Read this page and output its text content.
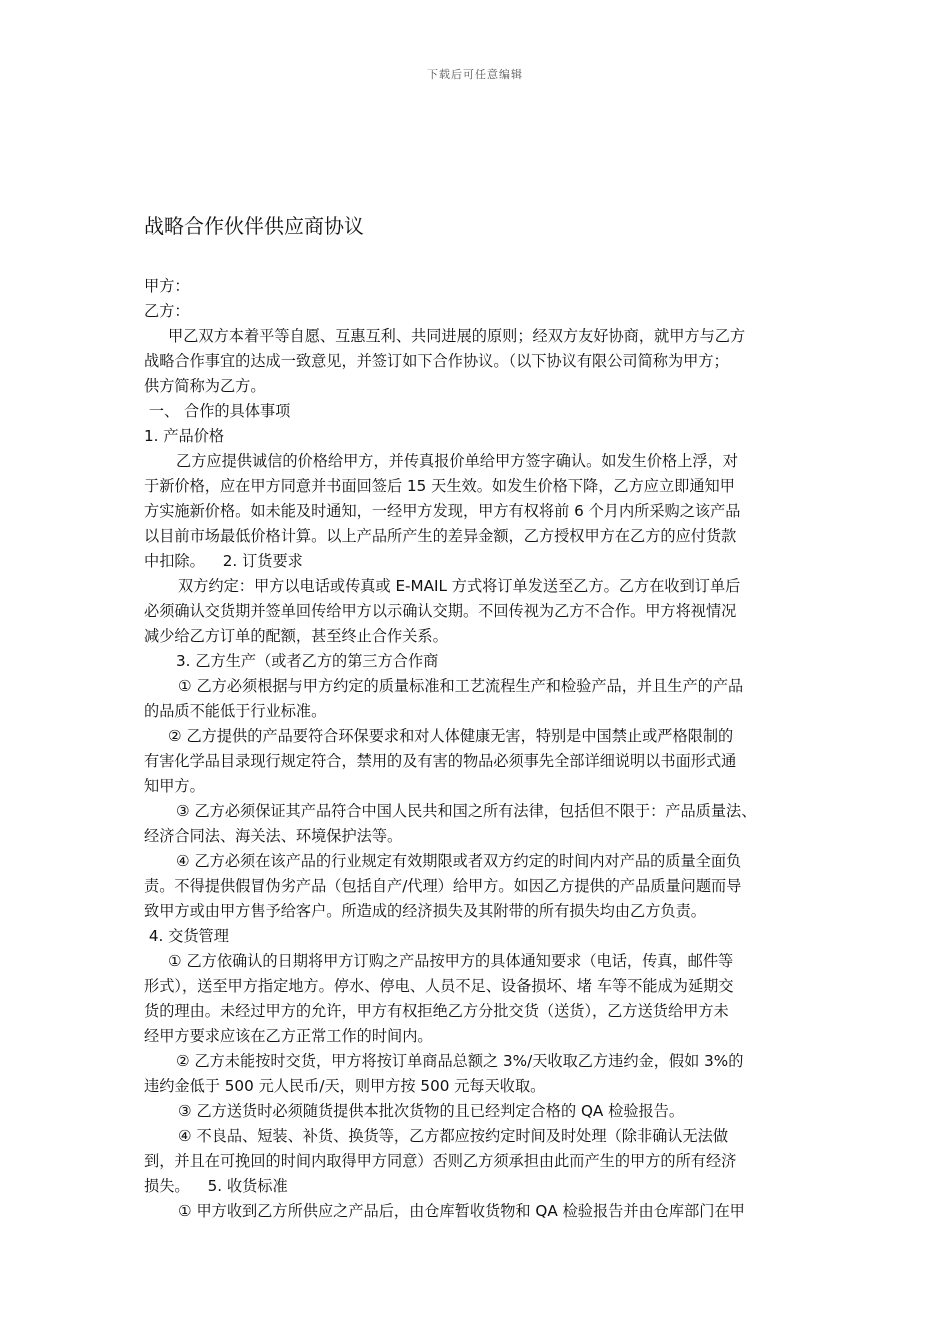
下载后可任意编辑
战略合作伙伴供应商协议
甲方：
乙方：
甲乙双方本着平等自愿、互惠互利、共同进展的原则；经双方友好协商，就甲方与乙方
战略合作事宜的达成一致意见，并签订如下合作协议。（以下协议有限公司简称为甲方；
供方简称为乙方。
一、 合作的具体事项
1. 产品价格
乙方应提供诚信的价格给甲方，并传真报价单给甲方签字确认。如发生价格上浮，对
于新价格，应在甲方同意并书面回签后 15 天生效。如发生价格下降，乙方应立即通知甲
方实施新价格。如未能及时通知，一经甲方发现，甲方有权将前 6 个月内所采购之该产品
以目前市场最低价格计算。以上产品所产生的差异金额，乙方授权甲方在乙方的应付货款
中扣除。 2. 订货要求
双方约定：甲方以电话或传真或 E-MAIL 方式将订单发送至乙方。乙方在收到订单后
必须确认交货期并签单回传给甲方以示确认交期。不回传视为乙方不合作。甲方将视情况
减少给乙方订单的配额，甚至终止合作关系。
3. 乙方生产（或者乙方的第三方合作商
① 乙方必须根据与甲方约定的质量标准和工艺流程生产和检验产品，并且生产的产品
的品质不能低于行业标准。
② 乙方提供的产品要符合环保要求和对人体健康无害，特别是中国禁止或严格限制的
有害化学品目录现行规定符合，禁用的及有害的物品必须事先全部详细说明以书面形式通
知甲方。
③ 乙方必须保证其产品符合中国人民共和国之所有法律，包括但不限于：产品质量法、
经济合同法、海关法、环境保护法等。
④ 乙方必须在该产品的行业规定有效期限或者双方约定的时间内对产品的质量全面负
责。不得提供假冒伪劣产品（包括自产/代理）给甲方。如因乙方提供的产品质量问题而导
致甲方或由甲方售予给客户。所造成的经济损失及其附带的所有损失均由乙方负责。
4. 交货管理
① 乙方依确认的日期将甲方订购之产品按甲方的具体通知要求（电话，传真，邮件等
形式），送至甲方指定地方。停水、停电、人员不足、设备损坏、堵 车等不能成为延期交
货的理由。未经过甲方的允许，甲方有权拒绝乙方分批交货（送货），乙方送货给甲方未
经甲方要求应该在乙方正常工作的时间内。
② 乙方未能按时交货，甲方将按订单商品总额之 3%/天收取乙方违约金，假如 3%的
违约金低于 500 元人民币/天，则甲方按 500 元每天收取。
③ 乙方送货时必须随货提供本批次货物的且已经判定合格的 QA 检验报告。
④ 不良品、短装、补货、换货等，乙方都应按约定时间及时处理（除非确认无法做
到，并且在可挽回的时间内取得甲方同意）否则乙方须承担由此而产生的甲方的所有经济
损失。 5. 收货标准
① 甲方收到乙方所供应之产品后，由仓库暂收货物和 QA 检验报告并由仓库部门在甲
